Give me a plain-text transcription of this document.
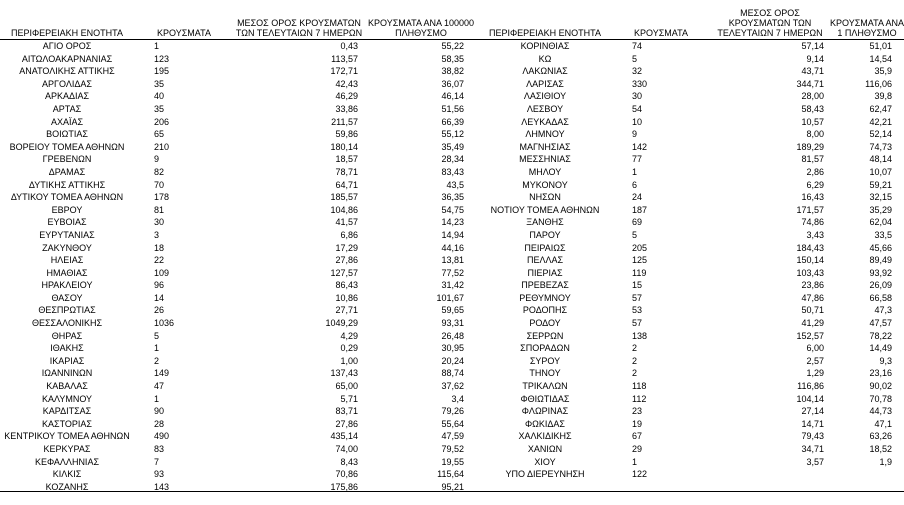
ΠΕΡΙΦΕΡΕΙΑΚΗ ΕΝΟΤΗΤΑ	ΚΡΟΥΣΜΑΤΑ	ΜΕΣΟΣ ΟΡΟΣ ΚΡΟΥΣΜΑΤΩΝ ΤΩΝ ΤΕΛΕΥΤΑΙΩΝ 7 ΗΜΕΡΩΝ	ΚΡΟΥΣΜΑΤΑ ΑΝΑ 100000 ΠΛΗΘΥΣΜΟ
ΑΓΙΟ ΟΡΟΣ	1	0,43	55,22
ΑΙΤΩΛΟΑΚΑΡΝΑΝΙΑΣ	123	113,57	58,35
ΑΝΑΤΟΛΙΚΗΣ ΑΤΤΙΚΗΣ	195	172,71	38,82
ΑΡΓΟΛΙΔΑΣ	35	42,43	36,07
ΑΡΚΑΔΙΑΣ	40	46,29	46,14
ΑΡΤΑΣ	35	33,86	51,56
ΑΧΑΪΑΣ	206	211,57	66,39
ΒΟΙΩΤΙΑΣ	65	59,86	55,12
ΒΟΡΕΙΟΥ ΤΟΜΕΑ ΑΘΗΝΩΝ	210	180,14	35,49
ΓΡΕΒΕΝΩΝ	9	18,57	28,34
ΔΡΑΜΑΣ	82	78,71	83,43
ΔΥΤΙΚΗΣ ΑΤΤΙΚΗΣ	70	64,71	43,5
ΔΥΤΙΚΟΥ ΤΟΜΕΑ ΑΘΗΝΩΝ	178	185,57	36,35
ΕΒΡΟΥ	81	104,86	54,75
ΕΥΒΟΙΑΣ	30	41,57	14,23
ΕΥΡΥΤΑΝΙΑΣ	3	6,86	14,94
ΖΑΚΥΝΘΟΥ	18	17,29	44,16
ΗΛΕΙΑΣ	22	27,86	13,81
ΗΜΑΘΙΑΣ	109	127,57	77,52
ΗΡΑΚΛΕΙΟΥ	96	86,43	31,42
ΘΑΣΟΥ	14	10,86	101,67
ΘΕΣΠΡΩΤΙΑΣ	26	27,71	59,65
ΘΕΣΣΑΛΟΝΙΚΗΣ	1036	1049,29	93,31
ΘΗΡΑΣ	5	4,29	26,48
ΙΘΑΚΗΣ	1	0,29	30,95
ΙΚΑΡΙΑΣ	2	1,00	20,24
ΙΩΑΝΝΙΝΩΝ	149	137,43	88,74
ΚΑΒΑΛΑΣ	47	65,00	37,62
ΚΑΛΥΜΝΟΥ	1	5,71	3,4
ΚΑΡΔΙΤΣΑΣ	90	83,71	79,26
ΚΑΣΤΟΡΙΑΣ	28	27,86	55,64
ΚΕΝΤΡΙΚΟΥ ΤΟΜΕΑ ΑΘΗΝΩΝ	490	435,14	47,59
ΚΕΡΚΥΡΑΣ	83	74,00	79,52
ΚΕΦΑΛΛΗΝΙΑΣ	7	8,43	19,55
ΚΙΛΚΙΣ	93	70,86	115,64
ΚΟΖΑΝΗΣ	143	175,86	95,21
ΠΕΡΙΦΕΡΕΙΑΚΗ ΕΝΟΤΗΤΑ	ΚΡΟΥΣΜΑΤΑ	ΜΕΣΟΣ ΟΡΟΣ ΚΡΟΥΣΜΑΤΩΝ ΤΩΝ ΤΕΛΕΥΤΑΙΩΝ 7 ΗΜΕΡΩΝ	ΚΡΟΥΣΜΑΤΑ ΑΝΑ 1 ΠΛΗΘΥΣΜΟ
ΚΟΡΙΝΘΙΑΣ	74	57,14	51,01
ΚΩ	5	9,14	14,54
ΛΑΚΩΝΙΑΣ	32	43,71	35,9
ΛΑΡΙΣΑΣ	330	344,71	116,06
ΛΑΣΙΘΙΟΥ	30	28,00	39,8
ΛΕΣΒΟΥ	54	58,43	62,47
ΛΕΥΚΑΔΑΣ	10	10,57	42,21
ΛΗΜΝΟΥ	9	8,00	52,14
ΜΑΓΝΗΣΙΑΣ	142	189,29	74,73
ΜΕΣΣΗΝΙΑΣ	77	81,57	48,14
ΜΗΛΟΥ	1	2,86	10,07
ΜΥΚΟΝΟΥ	6	6,29	59,21
ΝΗΣΩΝ	24	16,43	32,15
ΝΟΤΙΟΥ ΤΟΜΕΑ ΑΘΗΝΩΝ	187	171,57	35,29
ΞΑΝΘΗΣ	69	74,86	62,04
ΠΑΡΟΥ	5	3,43	33,5
ΠΕΙΡΑΙΩΣ	205	184,43	45,66
ΠΕΛΛΑΣ	125	150,14	89,49
ΠΙΕΡΙΑΣ	119	103,43	93,92
ΠΡΕΒΕΖΑΣ	15	23,86	26,09
ΡΕΘΥΜΝΟΥ	57	47,86	66,58
ΡΟΔΟΠΗΣ	53	50,71	47,3
ΡΟΔΟΥ	57	41,29	47,57
ΣΕΡΡΩΝ	138	152,57	78,22
ΣΠΟΡΑΔΩΝ	2	6,00	14,49
ΣΥΡΟΥ	2	2,57	9,3
ΤΗΝΟΥ	2	1,29	23,16
ΤΡΙΚΑΛΩΝ	118	116,86	90,02
ΦΘΙΩΤΙΔΑΣ	112	104,14	70,78
ΦΛΩΡΙΝΑΣ	23	27,14	44,73
ΦΩΚΙΔΑΣ	19	14,71	47,1
ΧΑΛΚΙΔΙΚΗΣ	67	79,43	63,26
ΧΑΝΙΩΝ	29	34,71	18,52
ΧΙΟΥ	1	3,57	1,9
ΥΠΟ ΔΙΕΡΕΥΝΗΣΗ	122		
